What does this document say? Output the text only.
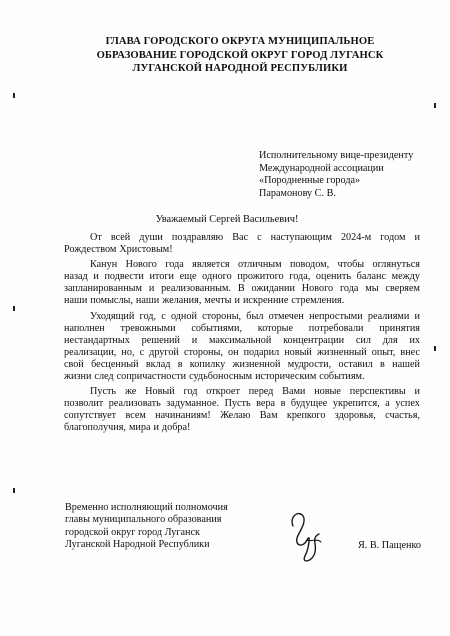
ГЛАВА ГОРОДСКОГО ОКРУГА МУНИЦИПАЛЬНОЕ
ОБРАЗОВАНИЕ ГОРОДСКОЙ ОКРУГ ГОРОД ЛУГАНСК
ЛУГАНСКОЙ НАРОДНОЙ РЕСПУБЛИКИ
Исполнительному вице-президенту
Международной ассоциации
«Породненные города»
Парамонову С. В.
Уважаемый Сергей Васильевич!
От всей души поздравляю Вас с наступающим 2024-м годом и
Рождеством Христовым!
Канун Нового года является отличным поводом, чтобы оглянуться
назад и подвести итоги еще одного прожитого года, оценить баланс между
запланированным и реализованным. В ожидании Нового года мы сверяем
наши помыслы, наши желания, мечты и искренние стремления.
Уходящий год, с одной стороны, был отмечен непростыми реалиями и
наполнен тревожными событиями, которые потребовали принятия
нестандартных решений и максимальной концентрации сил для их
реализации, но, с другой стороны, он подарил новый жизненный опыт, внес
свой бесценный вклад в копилку жизненной мудрости, оставил в нашей
жизни след сопричастности судьбоносным историческим событиям.
Пусть же Новый год откроет перед Вами новые перспективы и
позволит реализовать задуманное. Пусть вера в будущее укрепится, а успех
сопутствует всем начинаниям! Желаю Вам крепкого здоровья, счастья,
благополучия, мира и добра!
Временно исполняющий полномочия
главы муниципального образования
городской округ город Луганск
Луганской Народной Республики	Я. В. Пащенко
